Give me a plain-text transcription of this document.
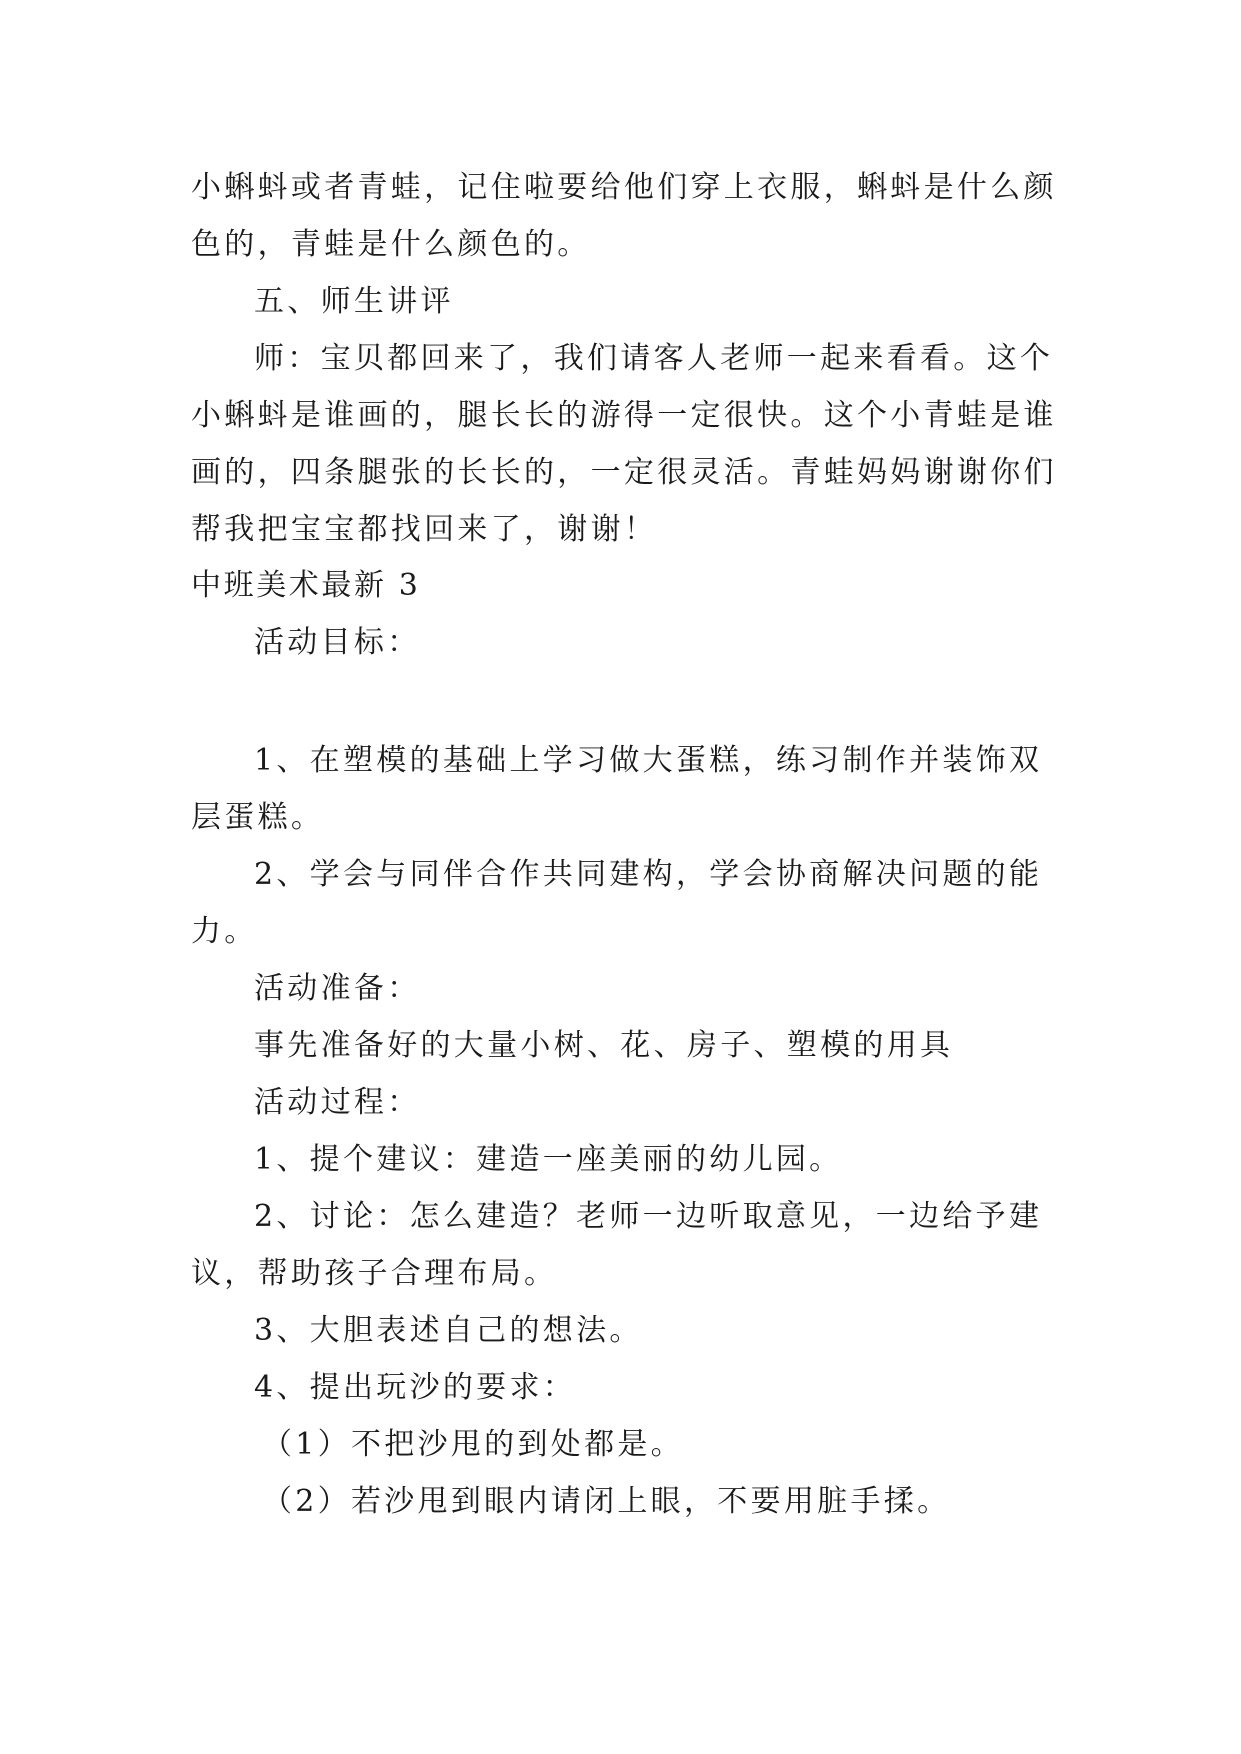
小蝌蚪或者青蛙，记住啦要给他们穿上衣服，蝌蚪是什么颜
色的，青蛙是什么颜色的。
五、师生讲评
师：宝贝都回来了，我们请客人老师一起来看看。这个
小蝌蚪是谁画的，腿长长的游得一定很快。这个小青蛙是谁
画的，四条腿张的长长的，一定很灵活。青蛙妈妈谢谢你们
帮我把宝宝都找回来了，谢谢！
中班美术最新 3
活动目标：
1、在塑模的基础上学习做大蛋糕，练习制作并装饰双
层蛋糕。
2、学会与同伴合作共同建构，学会协商解决问题的能
力。
活动准备：
事先准备好的大量小树、花、房子、塑模的用具
活动过程：
1、提个建议：建造一座美丽的幼儿园。
2、讨论：怎么建造？老师一边听取意见，一边给予建
议，帮助孩子合理布局。
3、大胆表述自己的想法。
4、提出玩沙的要求：
（1）不把沙甩的到处都是。
（2）若沙甩到眼内请闭上眼，不要用脏手揉。
